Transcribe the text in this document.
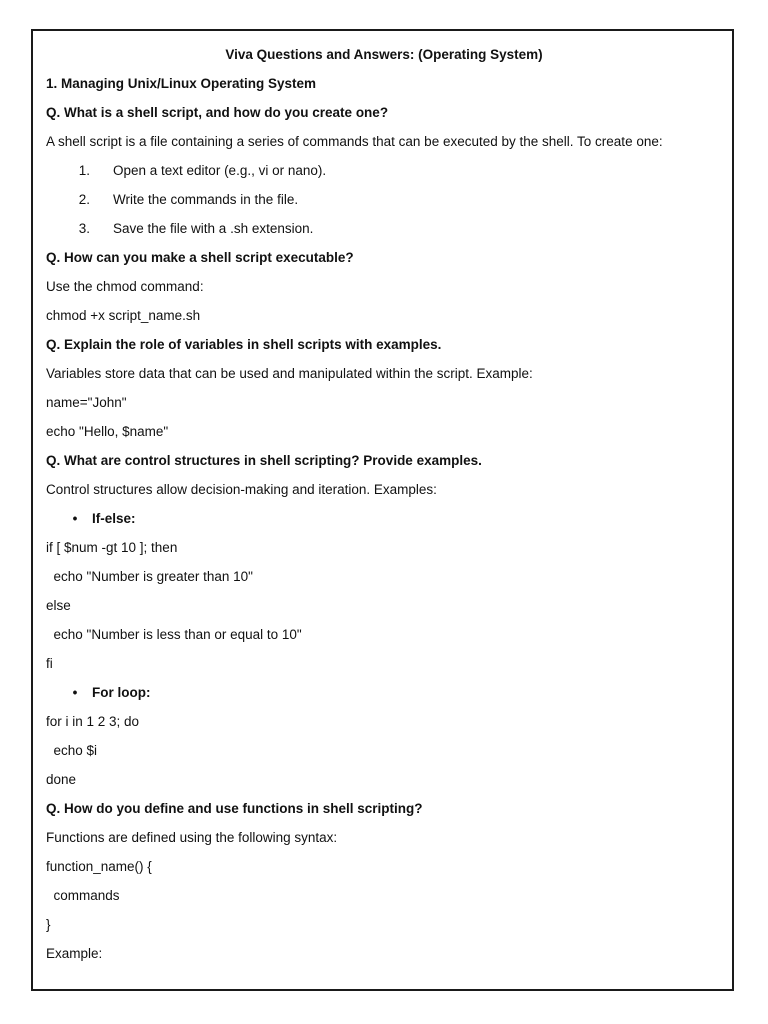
Viva Questions and Answers: (Operating System)
1. Managing Unix/Linux Operating System
Q. What is a shell script, and how do you create one?
A shell script is a file containing a series of commands that can be executed by the shell. To create one:
1. Open a text editor (e.g., vi or nano).
2. Write the commands in the file.
3. Save the file with a .sh extension.
Q. How can you make a shell script executable?
Use the chmod command:
chmod +x script_name.sh
Q. Explain the role of variables in shell scripts with examples.
Variables store data that can be used and manipulated within the script. Example:
name="John"
echo "Hello, $name"
Q. What are control structures in shell scripting? Provide examples.
Control structures allow decision-making and iteration. Examples:
• If-else:
if [ $num -gt 10 ]; then
echo "Number is greater than 10"
else
echo "Number is less than or equal to 10"
fi
• For loop:
for i in 1 2 3; do
echo $i
done
Q. How do you define and use functions in shell scripting?
Functions are defined using the following syntax:
function_name() {
commands
}
Example:
